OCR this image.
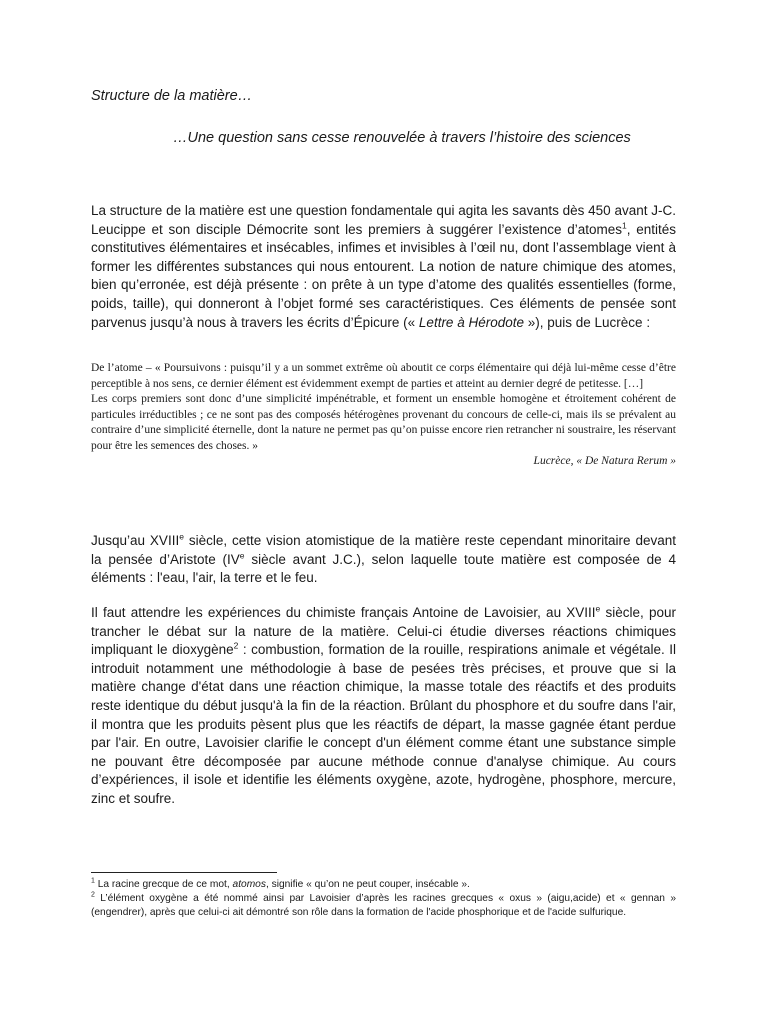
Structure de la matière…
…Une question sans cesse renouvelée à travers l’histoire des sciences

La structure de la matière est une question fondamentale qui agita les savants dès 450 avant J-C. Leucippe et son disciple Démocrite sont les premiers à suggérer l’existence d’atomes$^1$, entités constitutives élémentaires et insécables, infimes et invisibles à l’œil nu, dont l’assemblage vient à former les différentes substances qui nous entourent. La notion de nature chimique des atomes, bien qu’erronée, est déjà présente : on prête à un type d’atome des qualités essentielles (forme, poids, taille), qui donneront à l’objet formé ses caractéristiques. Ces éléments de pensée sont parvenus jusqu’à nous à travers les écrits d’Épicure (« Lettre à Hérodote »), puis de Lucrèce :

De l’atome – « Poursuivons : puisqu’il y a un sommet extrême où aboutit ce corps élémentaire qui déjà lui-même cesse d’être perceptible à nos sens, ce dernier élément est évidemment exempt de parties et atteint au dernier degré de petitesse. […]

Les corps premiers sont donc d’une simplicité impénétrable, et forment un ensemble homogène et étroitement cohérent de particules irréductibles ; ce ne sont pas des composés hétérogènes provenant du concours de celle-ci, mais ils se prévalent au contraire d’une simplicité éternelle, dont la nature ne permet pas qu’on puisse encore rien retrancher ni soustraire, les réservant pour être les semences des choses. »

Lucrèce, « De Natura Rerum »

Jusqu’au XVIIIe siècle, cette vision atomistique de la matière reste cependant minoritaire devant la pensée d’Aristote (IVe siècle avant J.C.), selon laquelle toute matière est composée de 4 éléments : l'eau, l'air, la terre et le feu.

Il faut attendre les expériences du chimiste français Antoine de Lavoisier, au XVIIIe siècle, pour trancher le débat sur la nature de la matière. Celui-ci étudie diverses réactions chimiques impliquant le dioxygène$^2$ : combustion, formation de la rouille, respirations animale et végétale. Il introduit notamment une méthodologie à base de pesées très précises, et prouve que si la matière change d'état dans une réaction chimique, la masse totale des réactifs et des produits reste identique du début jusqu'à la fin de la réaction. Brûlant du phosphore et du soufre dans l'air, il montra que les produits pèsent plus que les réactifs de départ, la masse gagnée étant perdue par l'air. En outre, Lavoisier clarifie le concept d'un élément comme étant une substance simple ne pouvant être décomposée par aucune méthode connue d'analyse chimique. Au cours d’expériences, il isole et identifie les éléments oxygène, azote, hydrogène, phosphore, mercure, zinc et soufre.

$^1$ La racine grecque de ce mot, atomos, signifie « qu’on ne peut couper, insécable ».

$^2$ L’élément oxygène a été nommé ainsi par Lavoisier d’après les racines grecques « oxus » (aigu,acide) et « gennan » (engendrer), après que celui-ci ait démontré son rôle dans la formation de l'acide phosphorique et de l'acide sulfurique.
